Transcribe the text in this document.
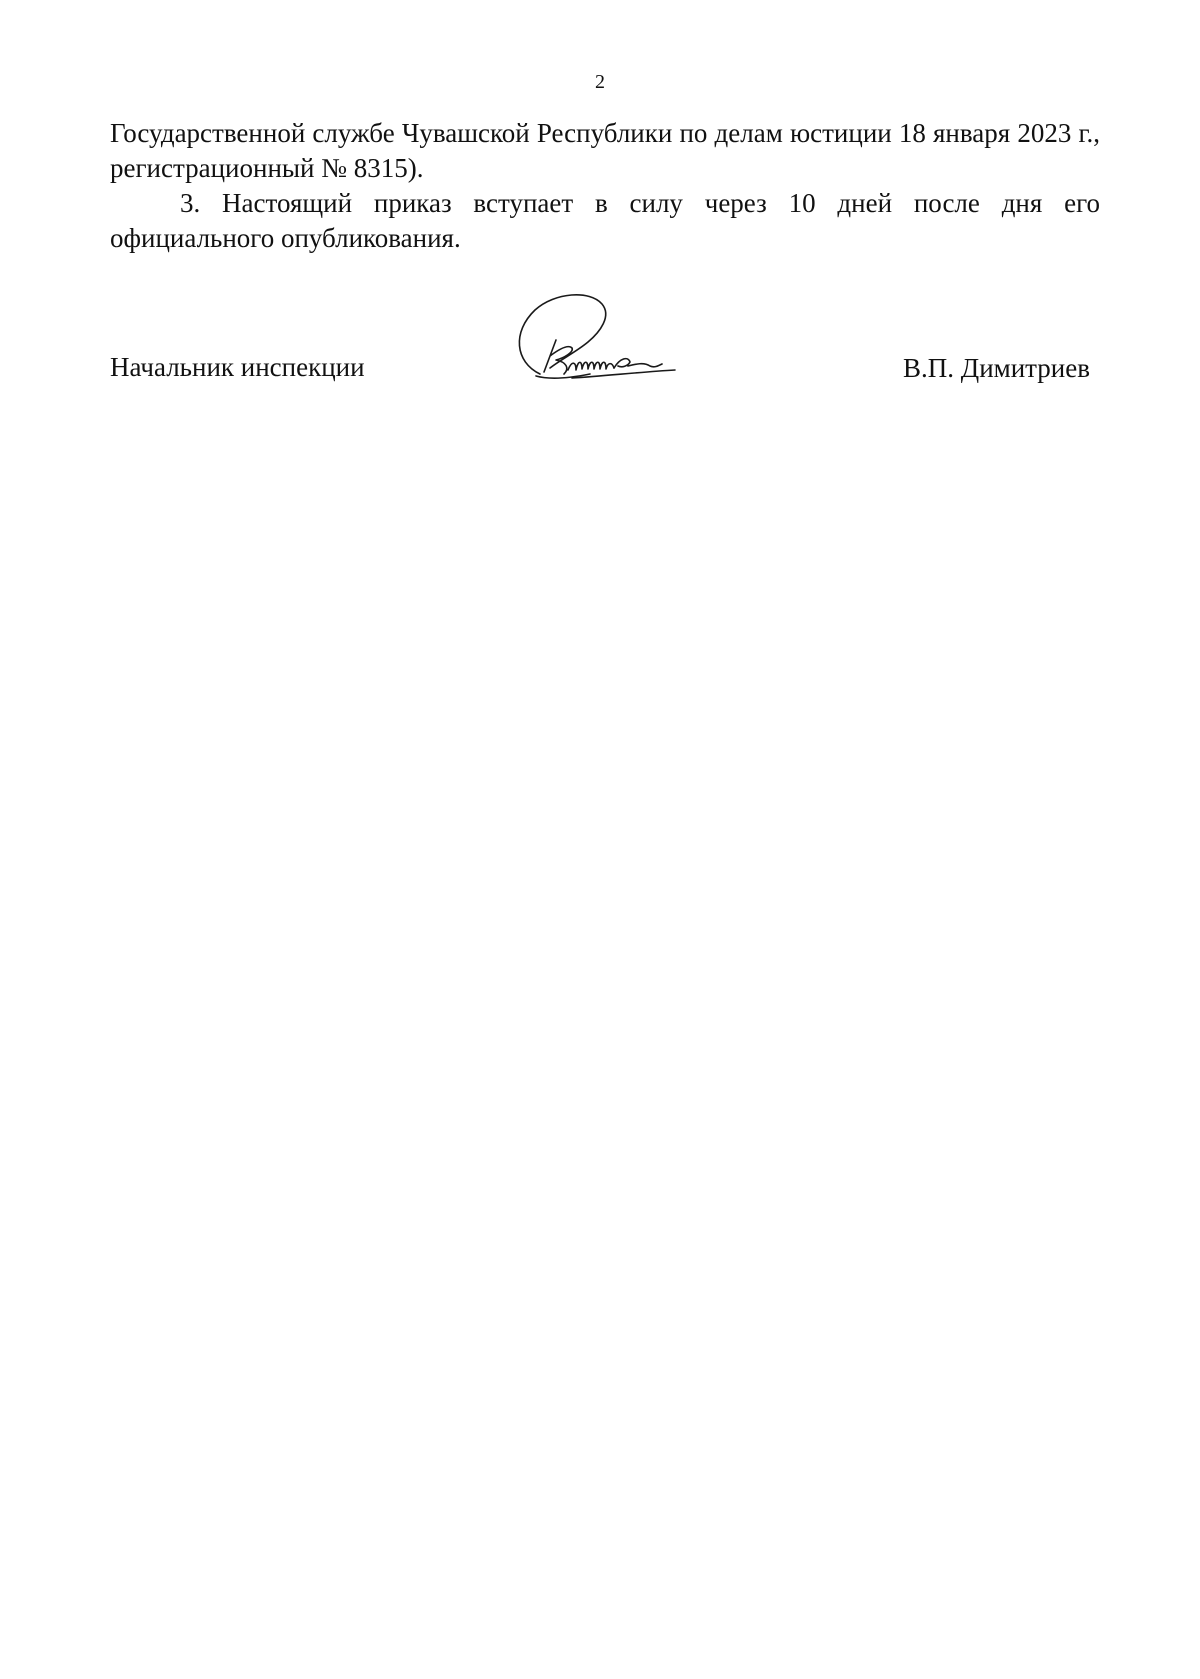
2

Государственной службе Чувашской Республики по делам юстиции 18 января 2023 г., регистрационный № 8315).

3. Настоящий приказ вступает в силу через 10 дней после дня его официального опубликования.

Начальник инспекции	В.П. Димитриев
